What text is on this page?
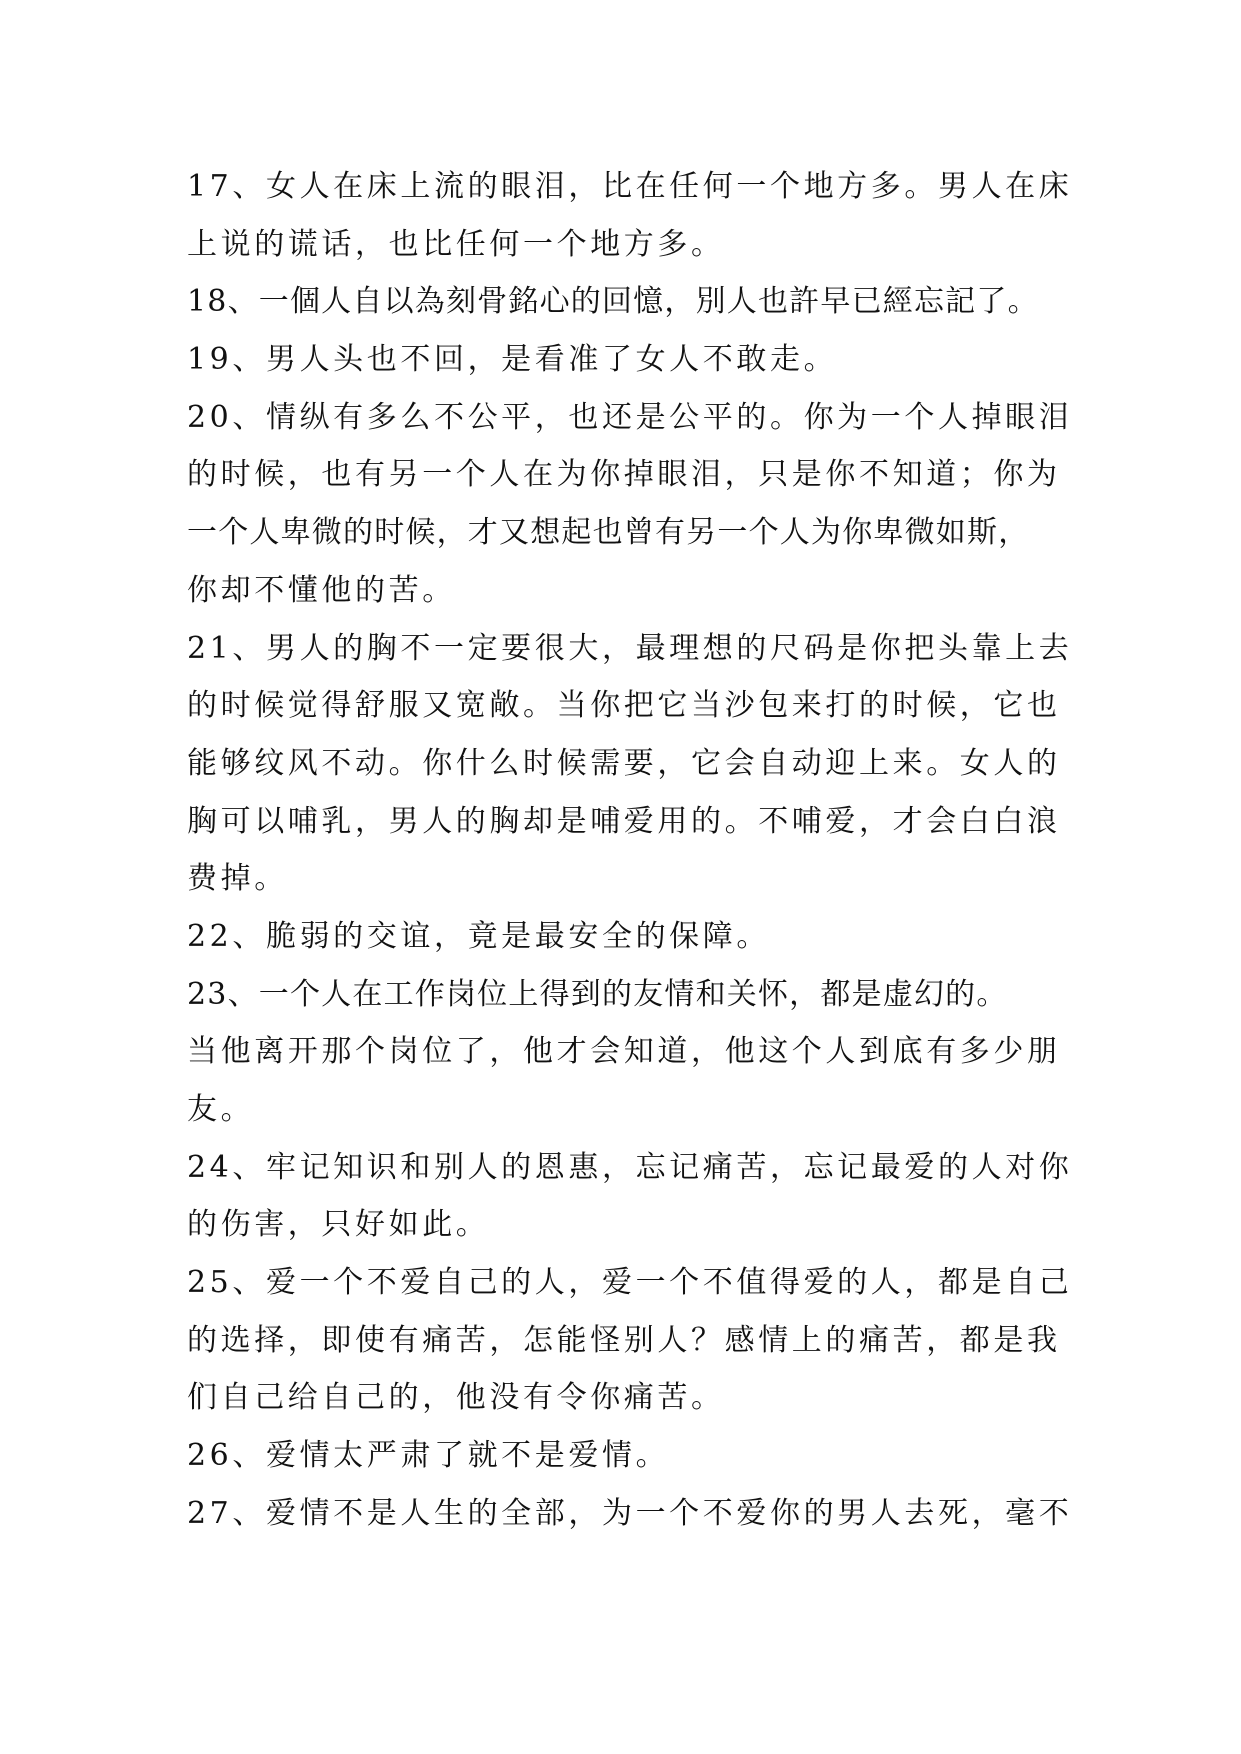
17、女人在床上流的眼泪，比在任何一个地方多。男人在床
上说的谎话，也比任何一个地方多。
18、一個人自以為刻骨銘心的回憶，別人也許早已經忘記了。
19、男人头也不回，是看准了女人不敢走。
20、情纵有多么不公平，也还是公平的。你为一个人掉眼泪
的时候，也有另一个人在为你掉眼泪，只是你不知道；你为
一个人卑微的时候，才又想起也曾有另一个人为你卑微如斯，
你却不懂他的苦。
21、男人的胸不一定要很大，最理想的尺码是你把头靠上去
的时候觉得舒服又宽敞。当你把它当沙包来打的时候，它也
能够纹风不动。你什么时候需要，它会自动迎上来。女人的
胸可以哺乳，男人的胸却是哺爱用的。不哺爱，才会白白浪
费掉。
22、脆弱的交谊，竟是最安全的保障。
23、一个人在工作岗位上得到的友情和关怀，都是虚幻的。
当他离开那个岗位了，他才会知道，他这个人到底有多少朋
友。
24、牢记知识和别人的恩惠，忘记痛苦，忘记最爱的人对你
的伤害，只好如此。
25、爱一个不爱自己的人，爱一个不值得爱的人，都是自己
的选择，即使有痛苦，怎能怪别人？感情上的痛苦，都是我
们自己给自己的，他没有令你痛苦。
26、爱情太严肃了就不是爱情。
27、爱情不是人生的全部，为一个不爱你的男人去死，毫不
